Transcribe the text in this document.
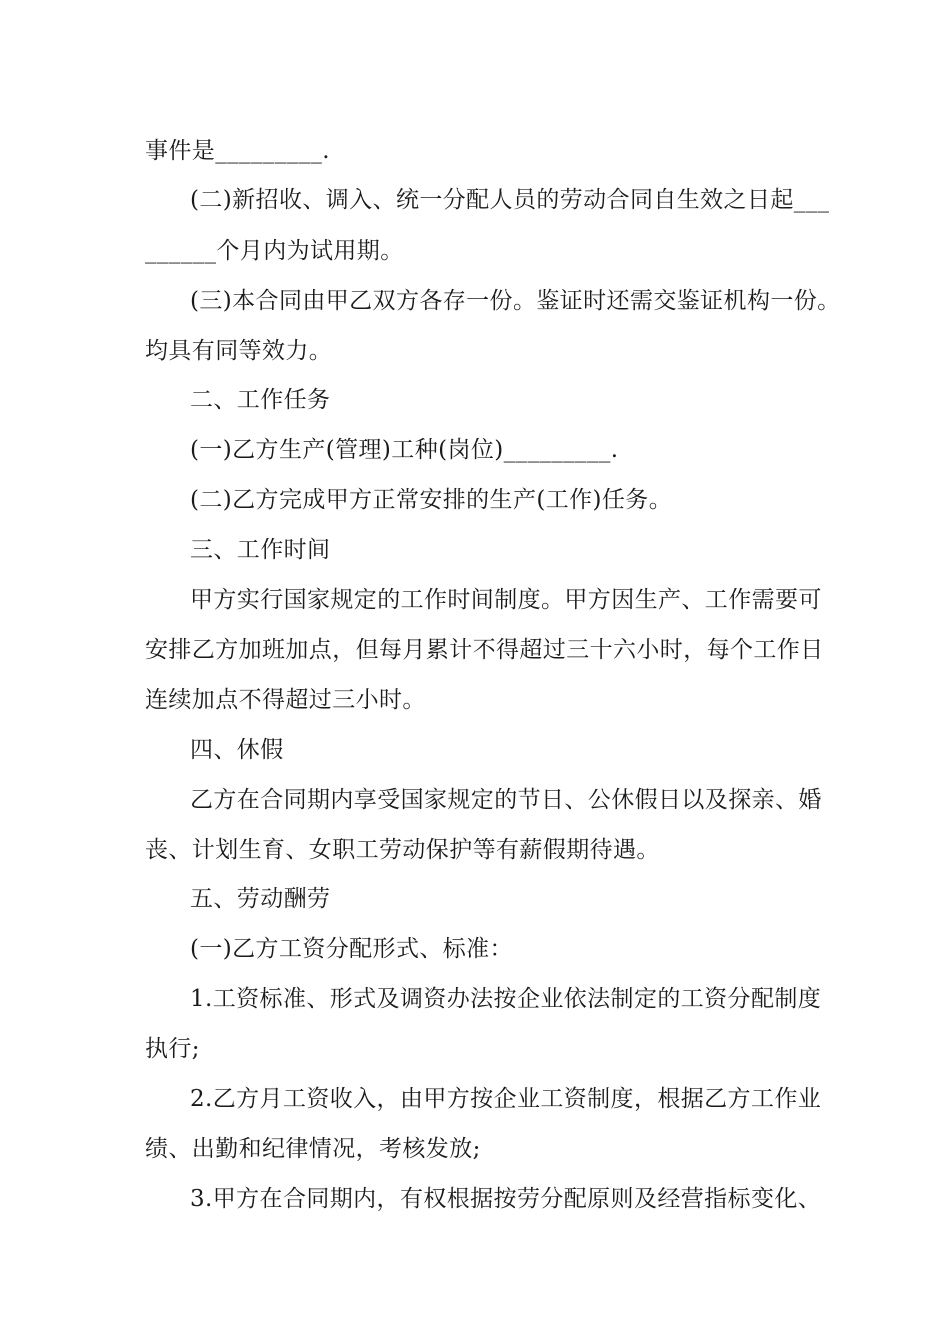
事件是_________.
(二)新招收、调入、统一分配人员的劳动合同自生效之日起___
______个月内为试用期。
(三)本合同由甲乙双方各存一份。鉴证时还需交鉴证机构一份。
均具有同等效力。
二、工作任务
(一)乙方生产(管理)工种(岗位)_________.
(二)乙方完成甲方正常安排的生产(工作)任务。
三、工作时间
甲方实行国家规定的工作时间制度。甲方因生产、工作需要可
安排乙方加班加点，但每月累计不得超过三十六小时，每个工作日
连续加点不得超过三小时。
四、休假
乙方在合同期内享受国家规定的节日、公休假日以及探亲、婚
丧、计划生育、女职工劳动保护等有薪假期待遇。
五、劳动酬劳
(一)乙方工资分配形式、标准：
1.工资标准、形式及调资办法按企业依法制定的工资分配制度
执行;
2.乙方月工资收入，由甲方按企业工资制度，根据乙方工作业
绩、出勤和纪律情况，考核发放;
3.甲方在合同期内，有权根据按劳分配原则及经营指标变化、
